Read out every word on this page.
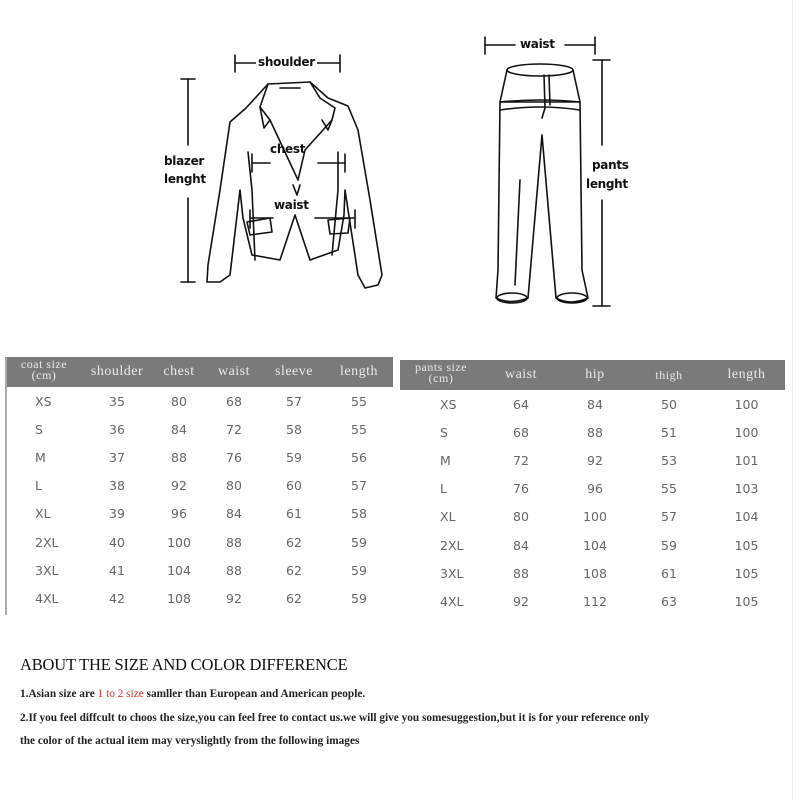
shoulder
chest
waist
blazer
lenght
waist
pants
lenght
coat size
(cm)	shoulder	chest	waist	sleeve	length
XS	35	80	68	57	55
S	36	84	72	58	55
M	37	88	76	59	56
L	38	92	80	60	57
XL	39	96	84	61	58
2XL	40	100	88	62	59
3XL	41	104	88	62	59
4XL	42	108	92	62	59
pants size
(cm)	waist	hip	thigh	length
XS	64	84	50	100
S	68	88	51	100
M	72	92	53	101
L	76	96	55	103
XL	80	100	57	104
2XL	84	104	59	105
3XL	88	108	61	105
4XL	92	112	63	105
ABOUT THE SIZE AND COLOR DIFFERENCE

1.Asian size are 1 to 2 size samller than European and American people.

2.If you feel diffcult to choos the size,you can feel free to contact us.we will give you somesuggestion,but it is for your reference only

the color of the actual item may veryslightly from the following images
